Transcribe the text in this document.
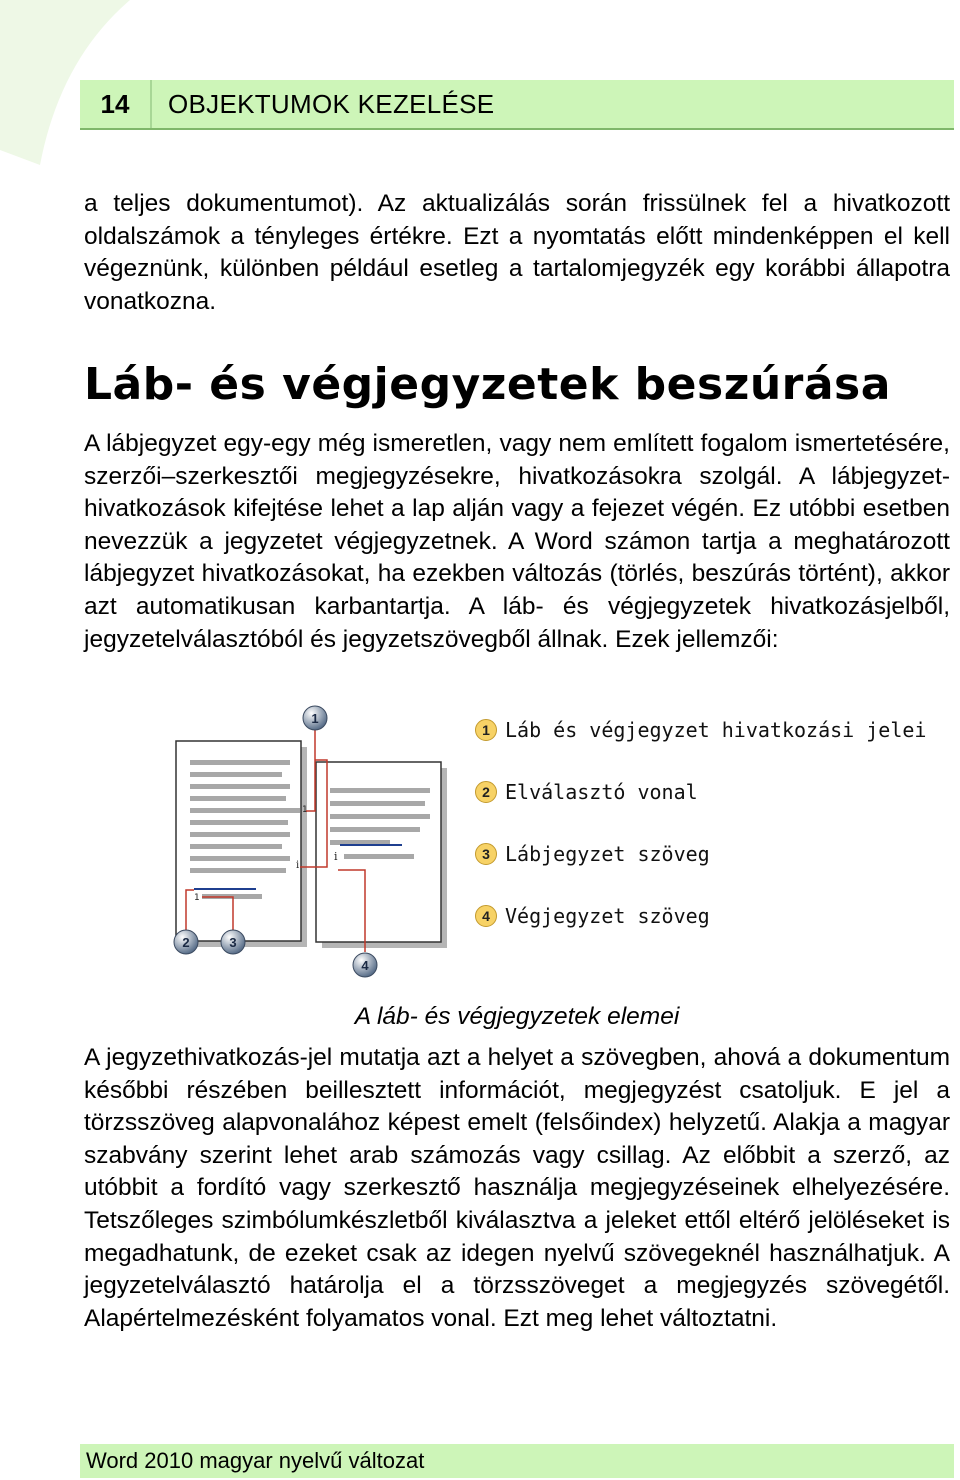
14	OBJEKTUMOK KEZELÉSE

a teljes dokumentumot). Az aktualizálás során frissülnek fel a hivatkozott oldalszámok a tényleges értékre. Ezt a nyomtatás előtt mindenképpen el kell végeznünk, különben például esetleg a tartalomjegyzék egy korábbi állapotra vonatkozna.

Láb- és végjegyzetek beszúrása

A lábjegyzet egy-egy még ismeretlen, vagy nem említett fogalom ismertetésére, szerzői–szerkesztői megjegyzésekre, hivatkozásokra szolgál. A lábjegyzet-hivatkozások kifejtése lehet a lap alján vagy a fejezet végén. Ez utóbbi esetben nevezzük a jegyzetet végjegyzetnek. A Word számon tartja a meghatározott lábjegyzet hivatkozásokat, ha ezekben változás (törlés, beszúrás történt), akkor azt automatikusan karbantartja. A láb- és végjegyzetek hivatkozásjelből, jegyzetelválasztóból és jegyzetszövegből állnak. Ezek jellemzői:

i
1
i
1
1
2	3
4
1 Láb és végjegyzet hivatkozási jelei
2 Elválasztó vonal
3 Lábjegyzet szöveg
4 Végjegyzet szöveg
A láb- és végjegyzetek elemei

A jegyzethivatkozás-jel mutatja azt a helyet a szövegben, ahová a dokumentum későbbi részében beillesztett információt, megjegyzést csatoljuk. E jel a törzsszöveg alapvonalához képest emelt (felsőindex) helyzetű. Alakja a magyar szabvány szerint lehet arab számozás vagy csillag. Az előbbit a szerző, az utóbbit a fordító vagy szerkesztő használja megjegyzéseinek elhelyezésére. Tetszőleges szimbólumkészletből kiválasztva a jeleket ettől eltérő jelöléseket is megadhatunk, de ezeket csak az idegen nyelvű szövegeknél használhatjuk. A jegyzetelválasztó határolja el a törzsszöveget a megjegyzés szövegétől. Alapértelmezésként folyamatos vonal. Ezt meg lehet változtatni.

Word 2010 magyar nyelvű változat
